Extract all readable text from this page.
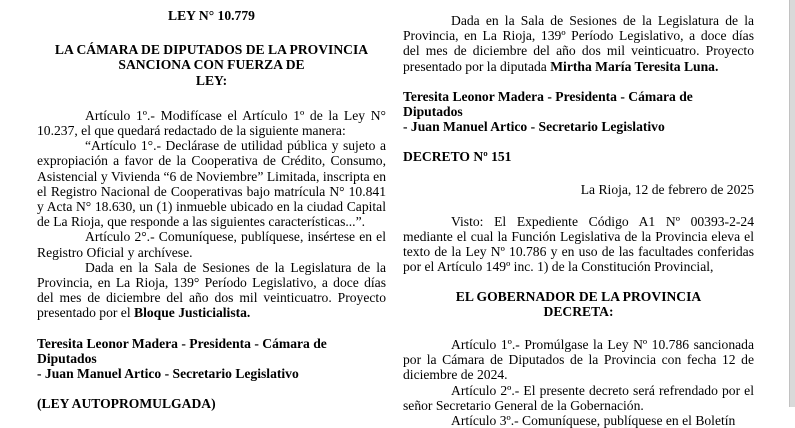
LEY N° 10.779

LA CÁMARA DE DIPUTADOS DE LA PROVINCIA
SANCIONA CON FUERZA DE
LEY:

Artículo 1º.- Modifícase el Artículo 1º de la Ley N° 10.237, el que quedará redactado de la siguiente manera:

“Artículo 1°.- Declárase de utilidad pública y sujeto a expropiación a favor de la Cooperativa de Crédito, Consumo, Asistencial y Vivienda “6 de Noviembre” Limitada, inscripta en el Registro Nacional de Cooperativas bajo matrícula N° 10.841 y Acta N° 18.630, un (1) inmueble ubicado en la ciudad Capital de La Rioja, que responde a las siguientes características...”.

Artículo 2°.- Comuníquese, publíquese, insértese en el Registro Oficial y archívese.

Dada en la Sala de Sesiones de la Legislatura de la Provincia, en La Rioja, 139° Período Legislativo, a doce días del mes de diciembre del año dos mil veinticuatro. Proyecto presentado por el Bloque Justicialista.

Teresita Leonor Madera - Presidenta - Cámara de Diputados
- Juan Manuel Artico - Secretario Legislativo

(LEY AUTOPROMULGADA)

Dada en la Sala de Sesiones de la Legislatura de la Provincia, en La Rioja, 139º Período Legislativo, a doce días del mes de diciembre del año dos mil veinticuatro. Proyecto presentado por la diputada Mirtha María Teresita Luna.

Teresita Leonor Madera - Presidenta - Cámara de Diputados
- Juan Manuel Artico - Secretario Legislativo

DECRETO Nº 151

La Rioja, 12 de febrero de 2025

Visto: El Expediente Código A1 Nº 00393-2-24 mediante el cual la Función Legislativa de la Provincia eleva el texto de la Ley Nº 10.786 y en uso de las facultades conferidas por el Artículo 149º inc. 1) de la Constitución Provincial,

EL GOBERNADOR DE LA PROVINCIA
DECRETA:

Artículo 1º.- Promúlgase la Ley Nº 10.786 sancionada por la Cámara de Diputados de la Provincia con fecha 12 de diciembre de 2024.

Artículo 2º.- El presente decreto será refrendado por el señor Secretario General de la Gobernación.

Artículo 3º.- Comuníquese, publíquese en el Boletín
